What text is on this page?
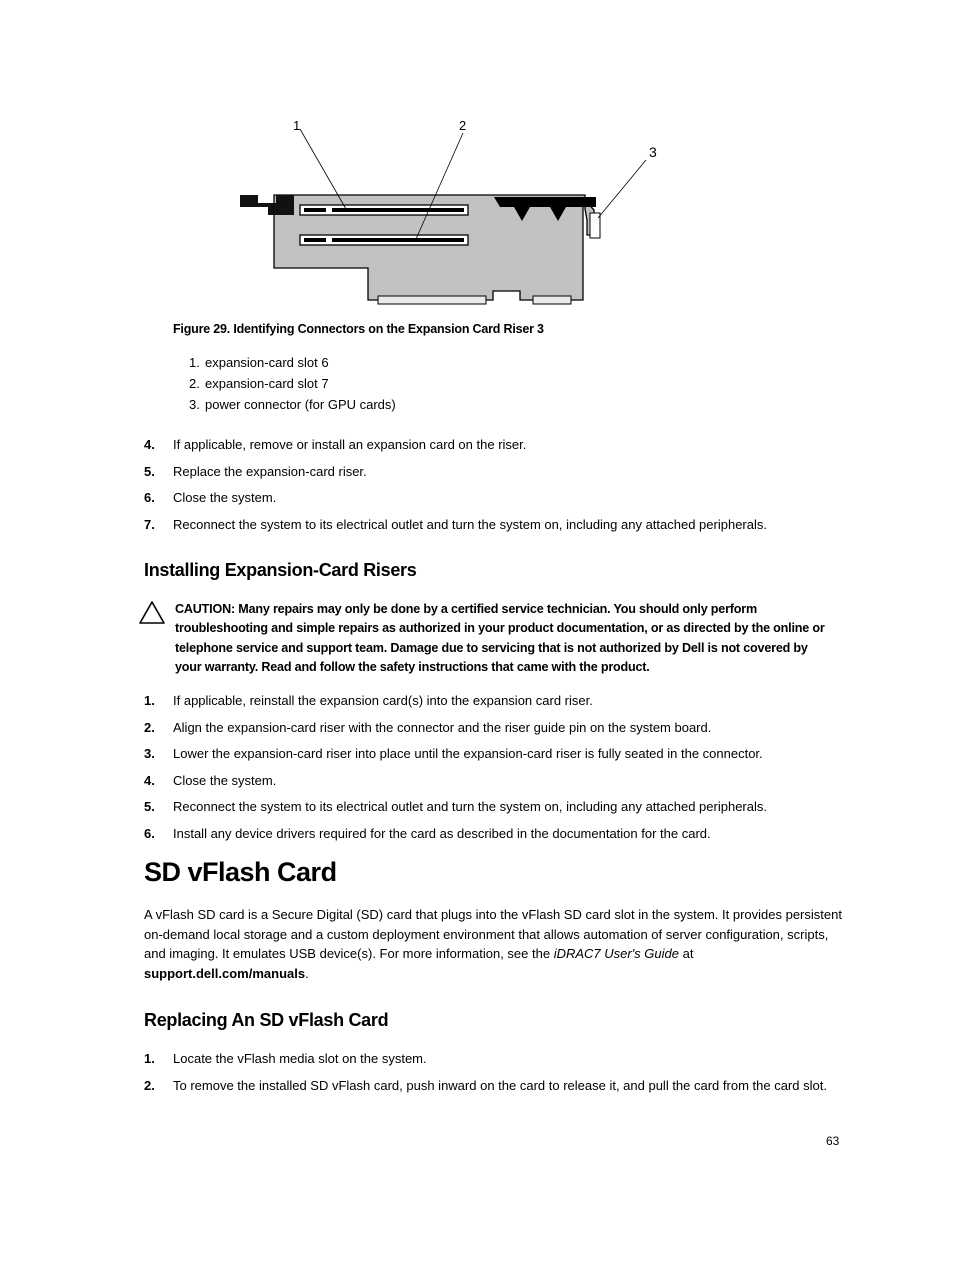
1	2
3
Figure 29. Identifying Connectors on the Expansion Card Riser 3
1. expansion-card slot 6
2. expansion-card slot 7
3. power connector (for GPU cards)
4. If applicable, remove or install an expansion card on the riser.
5. Replace the expansion-card riser.
6. Close the system.
7. Reconnect the system to its electrical outlet and turn the system on, including any attached peripherals.
Installing Expansion-Card Risers
CAUTION: Many repairs may only be done by a certified service technician. You should only perform troubleshooting and simple repairs as authorized in your product documentation, or as directed by the online or telephone service and support team. Damage due to servicing that is not authorized by Dell is not covered by your warranty. Read and follow the safety instructions that came with the product.
1. If applicable, reinstall the expansion card(s) into the expansion card riser.
2. Align the expansion-card riser with the connector and the riser guide pin on the system board.
3. Lower the expansion-card riser into place until the expansion-card riser is fully seated in the connector.
4. Close the system.
5. Reconnect the system to its electrical outlet and turn the system on, including any attached peripherals.
6. Install any device drivers required for the card as described in the documentation for the card.
SD vFlash Card

A vFlash SD card is a Secure Digital (SD) card that plugs into the vFlash SD card slot in the system. It provides persistent on-demand local storage and a custom deployment environment that allows automation of server configuration, scripts, and imaging. It emulates USB device(s). For more information, see the iDRAC7 User's Guide at support.dell.com/manuals.

Replacing An SD vFlash Card
1. Locate the vFlash media slot on the system.
2. To remove the installed SD vFlash card, push inward on the card to release it, and pull the card from the card slot.
63
